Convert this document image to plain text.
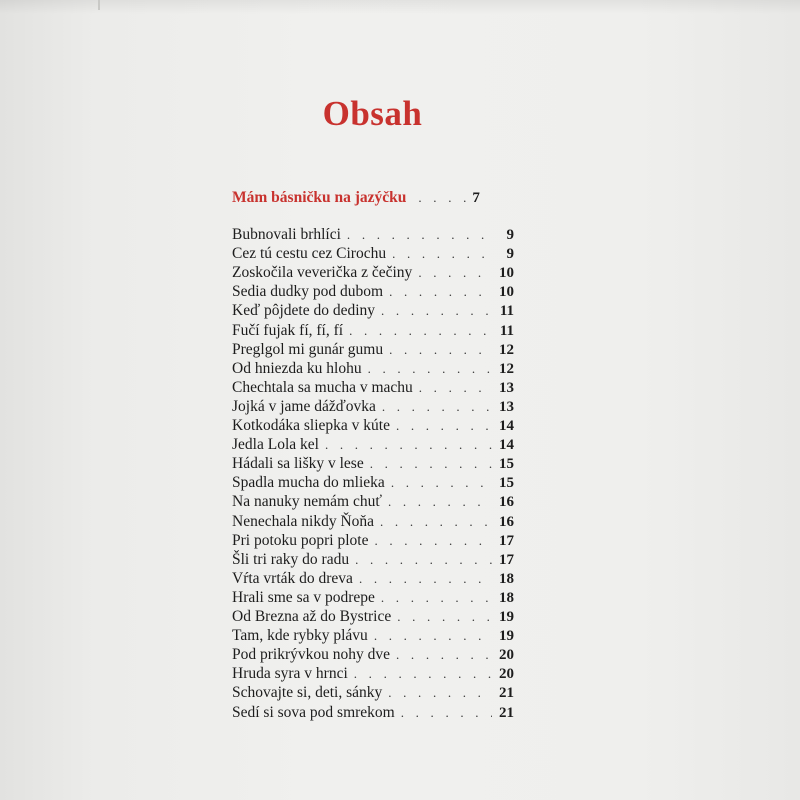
Obsah
Mám básničku na jazýčku . . .	7
Bubnovali brhlíci . . .	9
Cez tú cestu cez Cirochu . . .	9
Zoskočila veverička z čečiny . . .	10
Sedia dudky pod dubom . . .	10
Keď pôjdete do dediny . . .	11
Fučí fujak fí, fí, fí . . .	11
Preglgol mi gunár gumu . . .	12
Od hniezda ku hlohu . . .	12
Chechtala sa mucha v machu . . .	13
Jojká v jame dážďovka . . .	13
Kotkodáka sliepka v kúte . . .	14
Jedla Lola kel . . .	14
Hádali sa lišky v lese . . .	15
Spadla mucha do mlieka . . .	15
Na nanuky nemám chuť . . .	16
Nenechala nikdy Ňoňa . . .	16
Pri potoku popri plote . . .	17
Šli tri raky do radu . . .	17
Vŕta vrták do dreva . . .	18
Hrali sme sa v podrepe . . .	18
Od Brezna až do Bystrice . . .	19
Tam, kde rybky plávu . . .	19
Pod prikrývkou nohy dve . . .	20
Hruda syra v hrnci . . .	20
Schovajte si, deti, sánky . . .	21
Sedí si sova pod smrekom . . .	21
